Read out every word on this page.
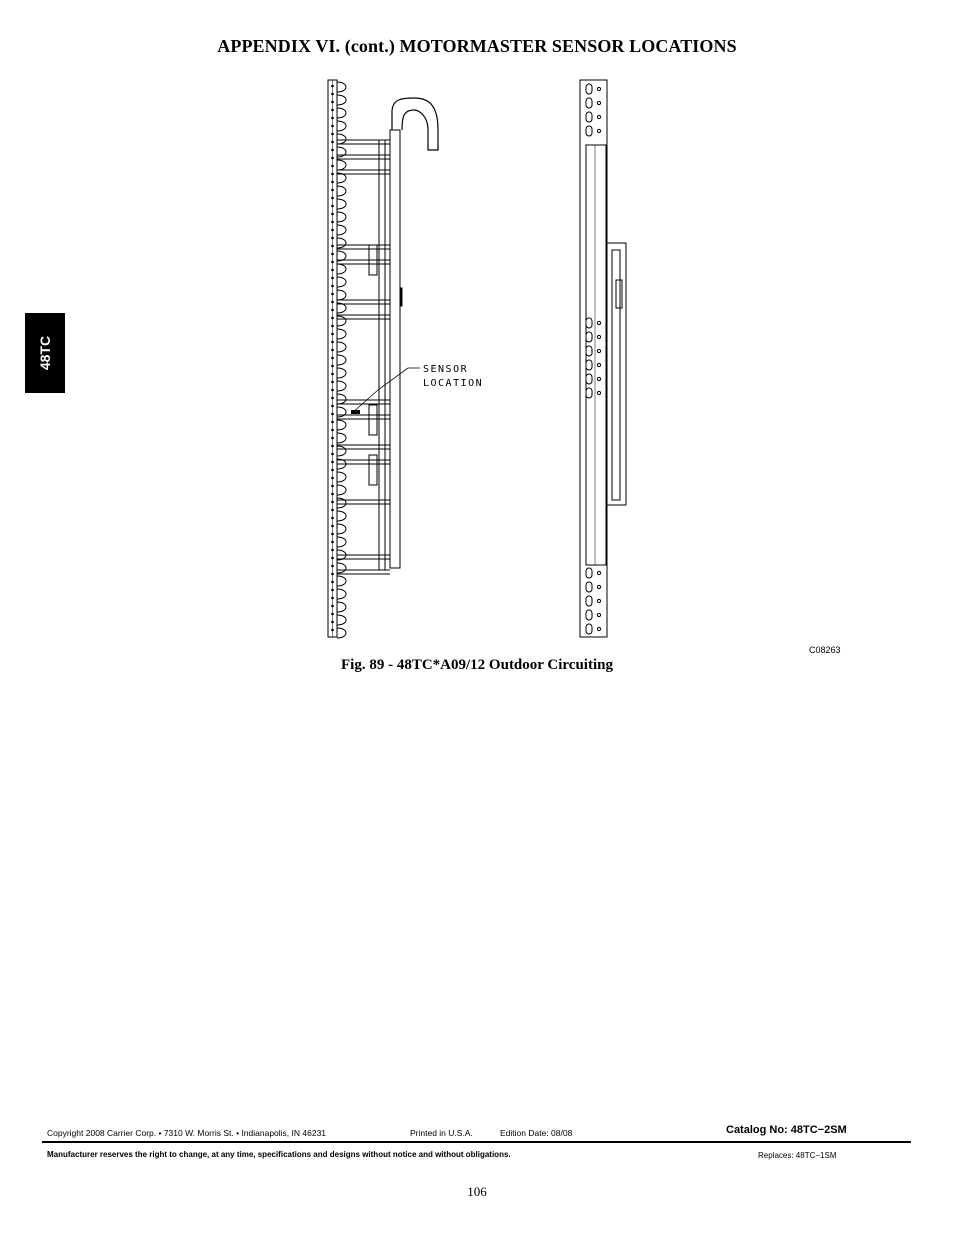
APPENDIX VI. (cont.) MOTORMASTER SENSOR LOCATIONS
48TC	SENSOR
LOCATION
C08263
Fig. 89 - 48TC*A09/12 Outdoor Circuiting
Copyright 2008 Carrier Corp. • 7310 W. Morris St. • Indianapolis, IN 46231	Printed in U.S.A.	Edition Date: 08/08	Catalog No: 48TC−2SM
Manufacturer reserves the right to change, at any time, specifications and designs without notice and without obligations.	Replaces: 48TC−1SM
106
